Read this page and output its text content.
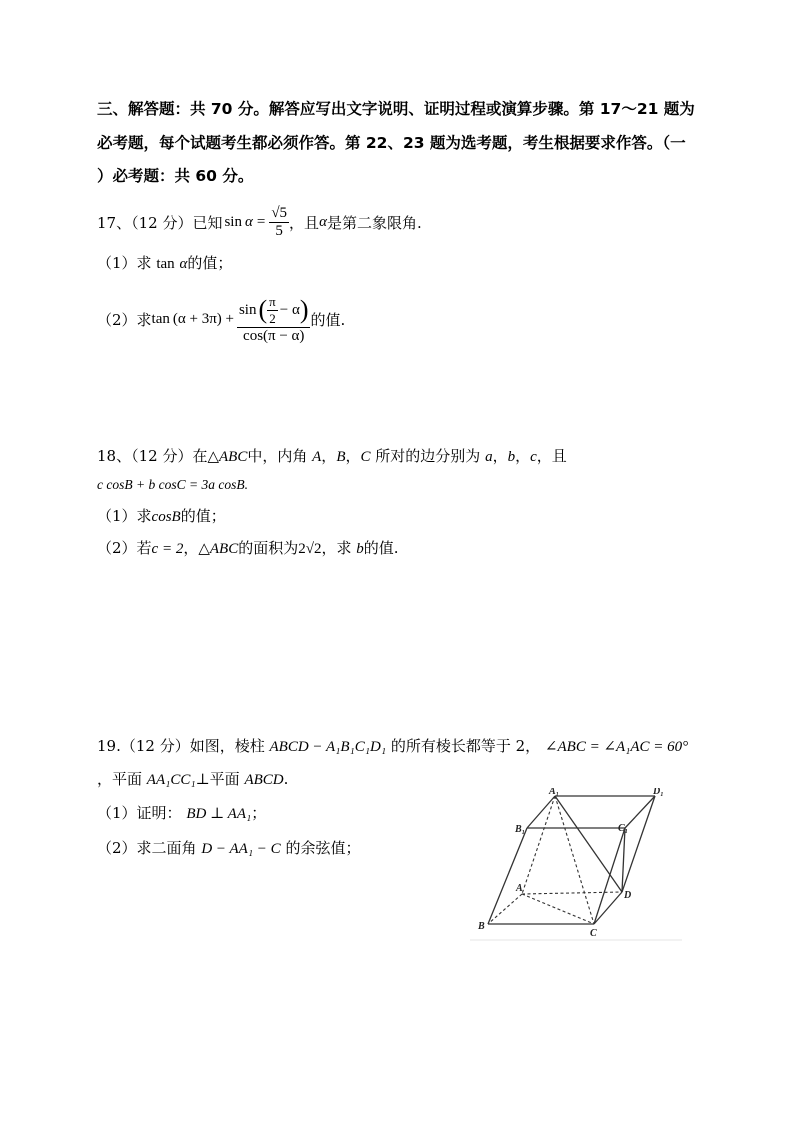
三、解答题：共 70 分。解答应写出文字说明、证明过程或演算步骤。第 17～21 题为
必考题，每个试题考生都必须作答。第 22、23 题为选考题，考生根据要求作答。（一
）必考题：共 60 分。
17、（12 分）已知 $\sin \alpha = \frac{√5}{5}$ ，且 α 是第二象限角.
（1）求 tan α的值；
（2）求 tan (α + 3π) +
sin ( $\frac{\pi}{2} - \alpha$ )
cos(π − α)
的值.
18、（12 分）在△ABC中，内角 A，B，C 所对的边分别为 a，b，c，且
c cosB + b cosC = 3a cosB.
（1）求cosB的值；
（2）若c = 2，△ABC的面积为2√2，求 b的值.
19.（12 分）如图，棱柱 ABCD − A₁B₁C₁D₁ 的所有棱长都等于 2， ∠ABC = ∠A₁AC = 60°
，平面 AA₁CC₁⊥平面 ABCD.
（1）证明： BD ⊥ AA₁；
（2）求二面角 D − AA₁ − C 的余弦值；
A₁	D₁
B₁	C₁
A
B
C
D
